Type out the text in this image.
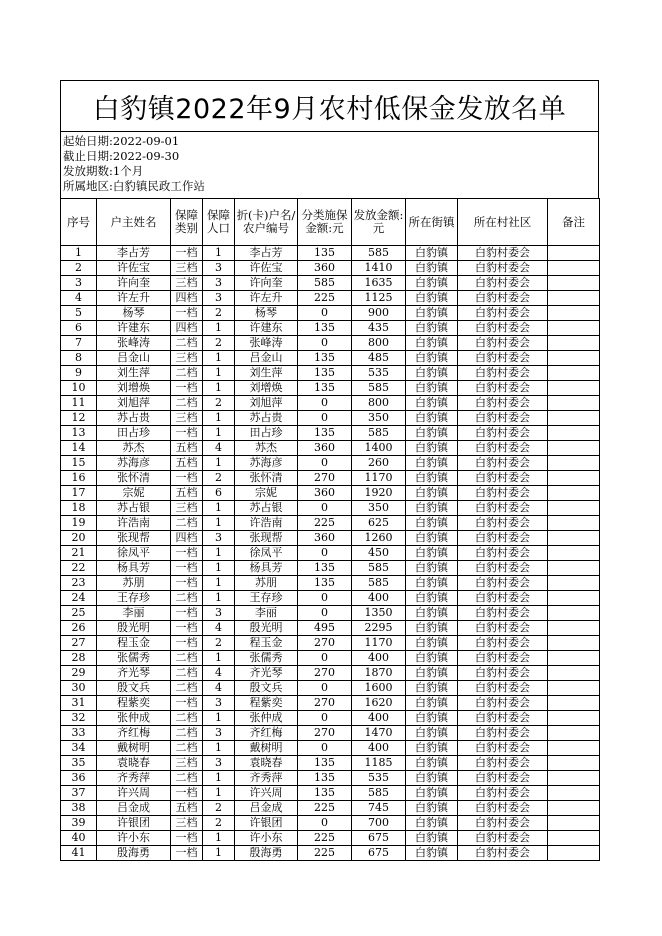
白豹镇2022年9月农村低保金发放名单
起始日期:2022-09-01
截止日期:2022-09-30
发放期数:1个月
所属地区:白豹镇民政工作站
序号	户主姓名	保障类别	保障人口	折(卡)户名/农户编号	分类施保金额:元	发放金额:元	所在街镇	所在村社区	备注
1	李占芳	一档	1	李占芳	135	585	白豹镇	白豹村委会	
2	许佐宝	三档	3	许佐宝	360	1410	白豹镇	白豹村委会	
3	许向奎	三档	3	许向奎	585	1635	白豹镇	白豹村委会	
4	许左升	四档	3	许左升	225	1125	白豹镇	白豹村委会	
5	杨琴	一档	2	杨琴	0	900	白豹镇	白豹村委会	
6	许建东	四档	1	许建东	135	435	白豹镇	白豹村委会	
7	张峰涛	二档	2	张峰涛	0	800	白豹镇	白豹村委会	
8	吕金山	三档	1	吕金山	135	485	白豹镇	白豹村委会	
9	刘生萍	二档	1	刘生萍	135	535	白豹镇	白豹村委会	
10	刘增焕	一档	1	刘增焕	135	585	白豹镇	白豹村委会	
11	刘旭萍	二档	2	刘旭萍	0	800	白豹镇	白豹村委会	
12	苏占贵	三档	1	苏占贵	0	350	白豹镇	白豹村委会	
13	田占珍	一档	1	田占珍	135	585	白豹镇	白豹村委会	
14	苏杰	五档	4	苏杰	360	1400	白豹镇	白豹村委会	
15	苏海彦	五档	1	苏海彦	0	260	白豹镇	白豹村委会	
16	张怀清	一档	2	张怀清	270	1170	白豹镇	白豹村委会	
17	宗妮	五档	6	宗妮	360	1920	白豹镇	白豹村委会	
18	苏占银	三档	1	苏占银	0	350	白豹镇	白豹村委会	
19	许浩南	二档	1	许浩南	225	625	白豹镇	白豹村委会	
20	张现帮	四档	3	张现帮	360	1260	白豹镇	白豹村委会	
21	徐凤平	一档	1	徐凤平	0	450	白豹镇	白豹村委会	
22	杨具芳	一档	1	杨具芳	135	585	白豹镇	白豹村委会	
23	苏朋	一档	1	苏朋	135	585	白豹镇	白豹村委会	
24	王存珍	二档	1	王存珍	0	400	白豹镇	白豹村委会	
25	李丽	一档	3	李丽	0	1350	白豹镇	白豹村委会	
26	殷光明	一档	4	殷光明	495	2295	白豹镇	白豹村委会	
27	程玉金	一档	2	程玉金	270	1170	白豹镇	白豹村委会	
28	张儒秀	二档	1	张儒秀	0	400	白豹镇	白豹村委会	
29	齐光琴	二档	4	齐光琴	270	1870	白豹镇	白豹村委会	
30	殷文兵	二档	4	殷文兵	0	1600	白豹镇	白豹村委会	
31	程紫奕	一档	3	程紫奕	270	1620	白豹镇	白豹村委会	
32	张仲成	二档	1	张仲成	0	400	白豹镇	白豹村委会	
33	齐红梅	二档	3	齐红梅	270	1470	白豹镇	白豹村委会	
34	戴树明	二档	1	戴树明	0	400	白豹镇	白豹村委会	
35	袁晓春	三档	3	袁晓春	135	1185	白豹镇	白豹村委会	
36	齐秀萍	二档	1	齐秀萍	135	535	白豹镇	白豹村委会	
37	许兴周	一档	1	许兴周	135	585	白豹镇	白豹村委会	
38	吕金成	五档	2	吕金成	225	745	白豹镇	白豹村委会	
39	许银团	三档	2	许银团	0	700	白豹镇	白豹村委会	
40	许小东	一档	1	许小东	225	675	白豹镇	白豹村委会	
41	殷海勇	一档	1	殷海勇	225	675	白豹镇	白豹村委会	
